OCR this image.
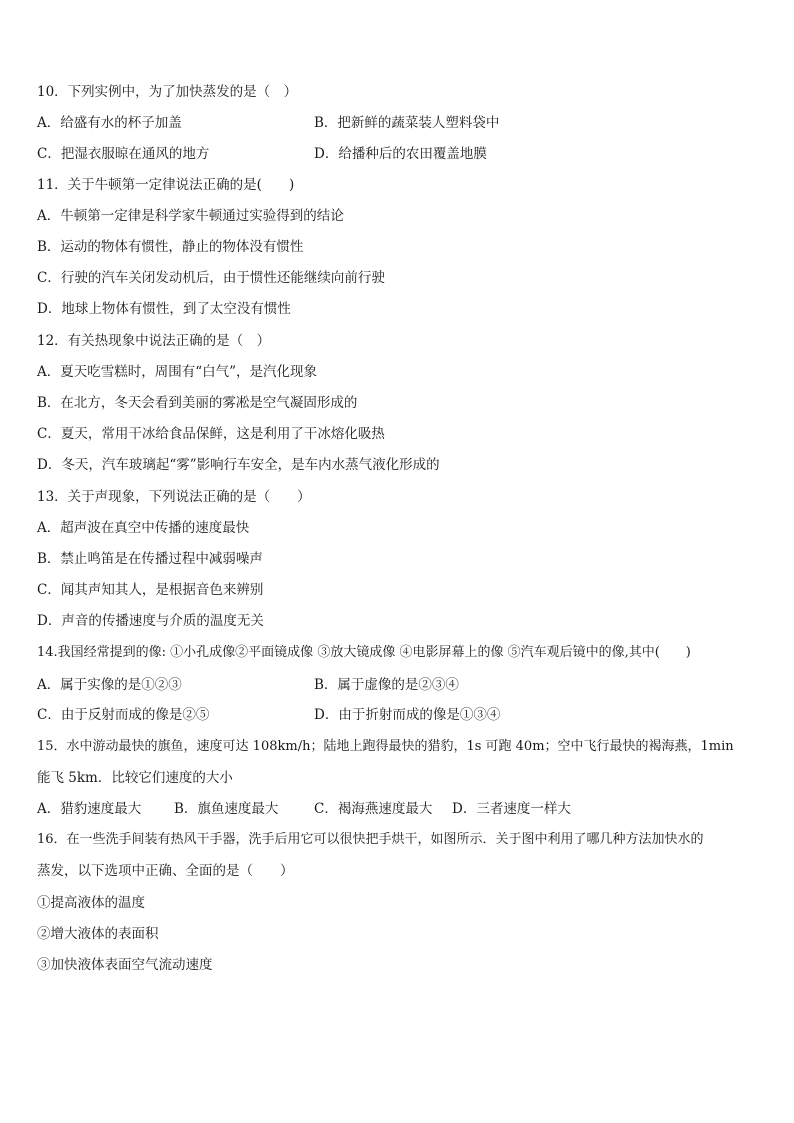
10．下列实例中，为了加快蒸发的是（　）
A．给盛有水的杯子加盖	B．把新鲜的蔬菜装人塑料袋中
C．把湿衣服晾在通风的地方	D．给播种后的农田覆盖地膜
11．关于牛顿第一定律说法正确的是(　　)
A．牛顿第一定律是科学家牛顿通过实验得到的结论
B．运动的物体有惯性，静止的物体没有惯性
C．行驶的汽车关闭发动机后，由于惯性还能继续向前行驶
D．地球上物体有惯性，到了太空没有惯性
12．有关热现象中说法正确的是（　）
A．夏天吃雪糕时，周围有“白气”，是汽化现象
B．在北方，冬天会看到美丽的雾凇是空气凝固形成的
C．夏天，常用干冰给食品保鲜，这是利用了干冰熔化吸热
D．冬天，汽车玻璃起“雾”影响行车安全，是车内水蒸气液化形成的
13．关于声现象，下列说法正确的是（　　）
A．超声波在真空中传播的速度最快
B．禁止鸣笛是在传播过程中减弱噪声
C．闻其声知其人，是根据音色来辨别
D．声音的传播速度与介质的温度无关
14.我国经常提到的像: ①小孔成像②平面镜成像 ③放大镜成像 ④电影屏幕上的像 ⑤汽车观后镜中的像,其中(　　)
A．属于实像的是①②③	B．属于虚像的是②③④
C．由于反射而成的像是②⑤	D．由于折射而成的像是①③④
15．水中游动最快的旗鱼，速度可达 108km/h；陆地上跑得最快的猎豹，1s 可跑 40m；空中飞行最快的褐海燕，1min
能飞 5km．比较它们速度的大小
A．猎豹速度最大 B．旗鱼速度最大	C．褐海燕速度最大 D．三者速度一样大
16．在一些洗手间装有热风干手器，洗手后用它可以很快把手烘干，如图所示．关于图中利用了哪几种方法加快水的
蒸发，以下选项中正确、全面的是（　　）
①提高液体的温度
②增大液体的表面积
③加快液体表面空气流动速度
